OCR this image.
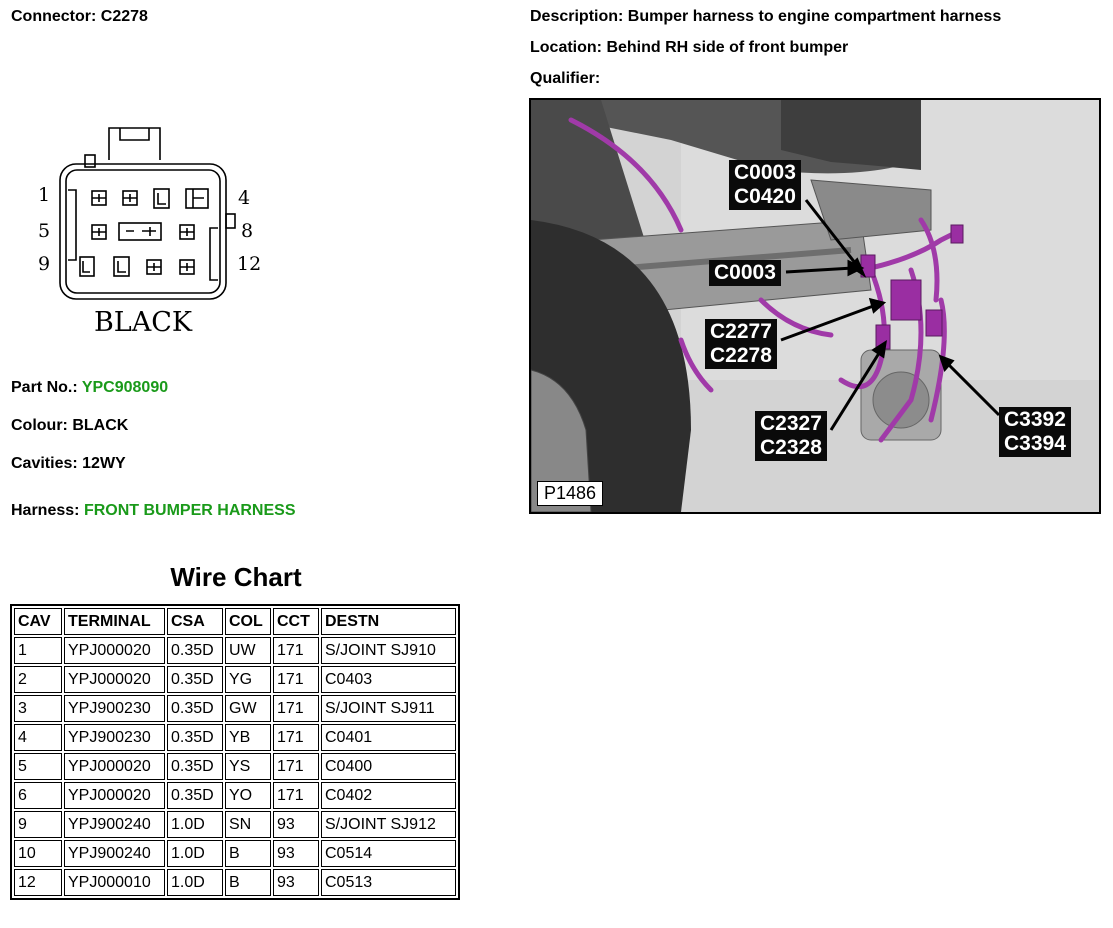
Connector: C2278
1	4
5	8
9	12
BLACK
Part No.: YPC908090
Colour: BLACK
Cavities: 12WY
Harness: FRONT BUMPER HARNESS
Description: Bumper harness to engine compartment harness
Location: Behind RH side of front bumper
Qualifier:
C0003
C0420
C0003
C2277
C2278
C2327
C2328
C3392
C3394
P1486
Wire Chart
CAV	TERMINAL	CSA	COL	CCT	DESTN
1	YPJ000020	0.35D	UW	171	S/JOINT SJ910
2	YPJ000020	0.35D	YG	171	C0403
3	YPJ900230	0.35D	GW	171	S/JOINT SJ911
4	YPJ900230	0.35D	YB	171	C0401
5	YPJ000020	0.35D	YS	171	C0400
6	YPJ000020	0.35D	YO	171	C0402
9	YPJ900240	1.0D	SN	93	S/JOINT SJ912
10	YPJ900240	1.0D	B	93	C0514
12	YPJ000010	1.0D	B	93	C0513
